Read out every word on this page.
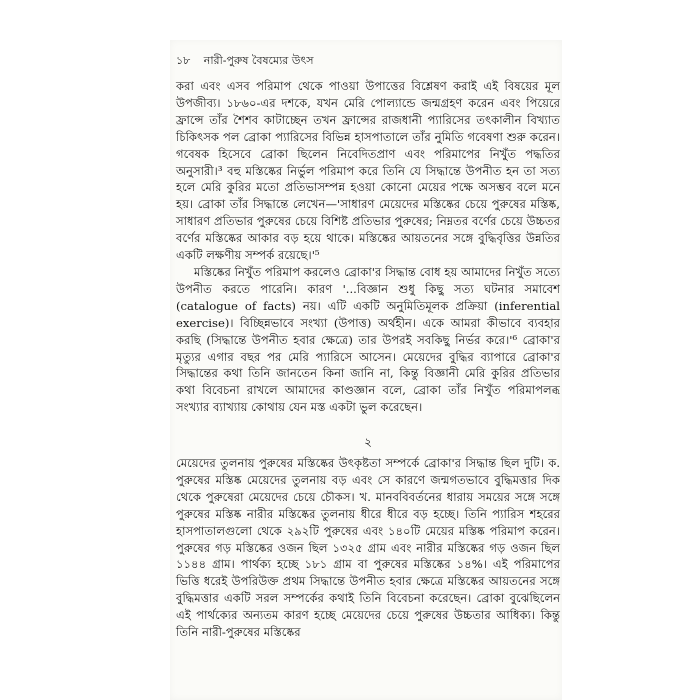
১৮ নারী-পুরুষ বৈষম্যের উৎস

করা এবং এসব পরিমাপ থেকে পাওয়া উপাত্তের বিশ্লেষণ করাই এই বিষয়ের মূল উপজীব্য। ১৮৬০-এর দশকে, যখন মেরি পোল্যান্ডে জন্মগ্রহণ করেন এবং পিয়েরে ফ্রান্সে তাঁর শৈশব কাটাচ্ছেন তখন ফ্রান্সের রাজধানী প্যারিসের তৎকালীন বিখ্যাত চিকিৎসক পল ব্রোকা প্যারিসের বিভিন্ন হাসপাতালে তাঁর নুমিতি গবেষণা শুরু করেন। গবেষক হিসেবে ব্রোকা ছিলেন নিবেদিতপ্রাণ এবং পরিমাপের নিখুঁত পদ্ধতির অনুসারী।³ বহু মস্তিষ্কের নির্ভুল পরিমাপ করে তিনি যে সিদ্ধান্তে উপনীত হন তা সত্য হলে মেরি কুরির মতো প্রতিভাসম্পন্ন হওয়া কোনো মেয়ের পক্ষে অসম্ভব বলে মনে হয়। ব্রোকা তাঁর সিদ্ধান্তে লেখেন—'সাধারণ মেয়েদের মস্তিষ্কের চেয়ে পুরুষের মস্তিষ্ক, সাধারণ প্রতিভার পুরুষের চেয়ে বিশিষ্ট প্রতিভার পুরুষের; নিম্নতর বর্ণের চেয়ে উচ্চতর বর্ণের মস্তিষ্কের আকার বড় হয়ে থাকে। মস্তিষ্কের আয়তনের সঙ্গে বুদ্ধিবৃত্তির উন্নতির একটি লক্ষণীয় সম্পর্ক রয়েছে।'⁵

মস্তিষ্কের নিখুঁত পরিমাপ করলেও ব্রোকা'র সিদ্ধান্ত বোধ হয় আমাদের নিখুঁত সত্যে উপনীত করতে পারেনি। কারণ '...বিজ্ঞান শুধু কিছু সত্য ঘটনার সমাবেশ (catalogue of facts) নয়। এটি একটি অনুমিতিমূলক প্রক্রিয়া (inferential exercise)। বিচ্ছিন্নভাবে সংখ্যা (উপাত্ত) অর্থহীন। একে আমরা কীভাবে ব্যবহার করছি (সিদ্ধান্তে উপনীত হবার ক্ষেত্রে) তার উপরই সবকিছু নির্ভর করে।'⁶ ব্রোকা'র মৃত্যুর এগার বছর পর মেরি প্যারিসে আসেন। মেয়েদের বুদ্ধির ব্যাপারে ব্রোকা'র সিদ্ধান্তের কথা তিনি জানতেন কিনা জানি না, কিন্তু বিজ্ঞানী মেরি কুরির প্রতিভার কথা বিবেচনা রাখলে আমাদের কাণ্ডজ্ঞান বলে, ব্রোকা তাঁর নিখুঁত পরিমাপলব্ধ সংখ্যার ব্যাখ্যায় কোথায় যেন মস্ত একটা ভুল করেছেন।

২

মেয়েদের তুলনায় পুরুষের মস্তিষ্কের উৎকৃষ্টতা সম্পর্কে ব্রোকা'র সিদ্ধান্ত ছিল দুটি। ক. পুরুষের মস্তিষ্ক মেয়েদের তুলনায় বড় এবং সে কারণে জন্মগতভাবে বুদ্ধিমত্তার দিক থেকে পুরুষেরা মেয়েদের চেয়ে চৌকস। খ. মানববিবর্তনের ধারায় সময়ের সঙ্গে সঙ্গে পুরুষের মস্তিষ্ক নারীর মস্তিষ্কের তুলনায় ধীরে ধীরে বড় হচ্ছে। তিনি প্যারিস শহরের হাসপাতালগুলো থেকে ২৯২টি পুরুষের এবং ১৪০টি মেয়ের মস্তিষ্ক পরিমাপ করেন। পুরুষের গড় মস্তিষ্কের ওজন ছিল ১৩২৫ গ্রাম এবং নারীর মস্তিষ্কের গড় ওজন ছিল ১১৪৪ গ্রাম। পার্থক্য হচ্ছে ১৮১ গ্রাম বা পুরুষের মস্তিষ্কের ১৪%। এই পরিমাপের ভিত্তি ধরেই উপরিউক্ত প্রথম সিদ্ধান্তে উপনীত হবার ক্ষেত্রে মস্তিষ্কের আয়তনের সঙ্গে বুদ্ধিমত্তার একটি সরল সম্পর্কের কথাই তিনি বিবেচনা করেছেন। ব্রোকা বুঝেছিলেন এই পার্থক্যের অন্যতম কারণ হচ্ছে মেয়েদের চেয়ে পুরুষের উচ্চতার আধিক্য। কিন্তু তিনি নারী-পুরুষের মস্তিষ্কের
